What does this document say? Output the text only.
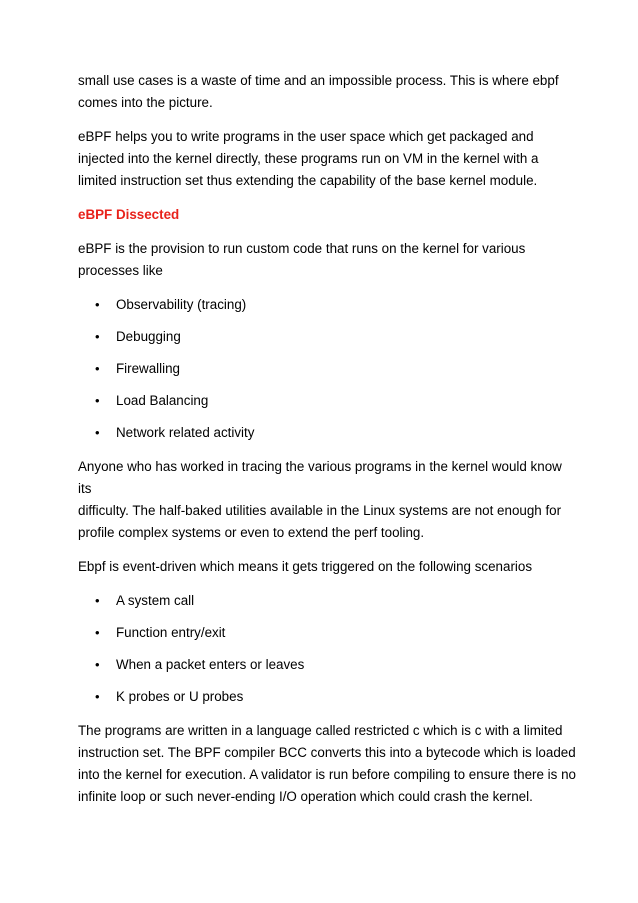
small use cases is a waste of time and an impossible process. This is where ebpf
comes into the picture.

eBPF helps you to write programs in the user space which get packaged and
injected into the kernel directly, these programs run on VM in the kernel with a
limited instruction set thus extending the capability of the base kernel module.

eBPF Dissected

eBPF is the provision to run custom code that runs on the kernel for various
processes like

• Observability (tracing)
• Debugging
• Firewalling
• Load Balancing
• Network related activity

Anyone who has worked in tracing the various programs in the kernel would know its
difficulty. The half-baked utilities available in the Linux systems are not enough for
profile complex systems or even to extend the perf tooling.

Ebpf is event-driven which means it gets triggered on the following scenarios

• A system call
• Function entry/exit
• When a packet enters or leaves
• K probes or U probes

The programs are written in a language called restricted c which is c with a limited
instruction set. The BPF compiler BCC converts this into a bytecode which is loaded
into the kernel for execution. A validator is run before compiling to ensure there is no
infinite loop or such never-ending I/O operation which could crash the kernel.
